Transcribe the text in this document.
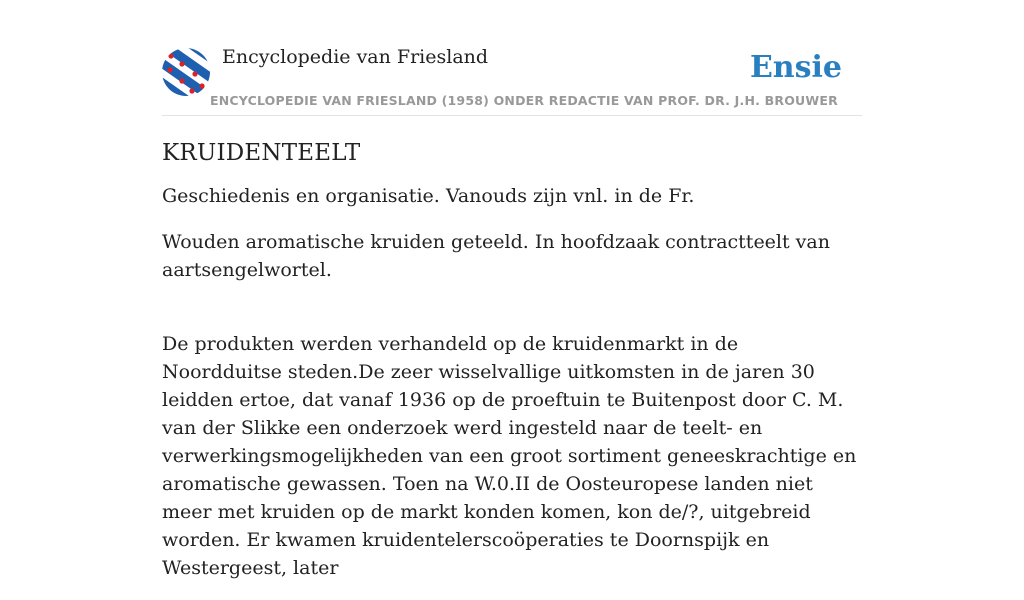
Encyclopedie van Friesland	Ensie
ENCYCLOPEDIE VAN FRIESLAND (1958) ONDER REDACTIE VAN PROF. DR. J.H. BROUWER
KRUIDENTEELT

Geschiedenis en organisatie. Vanouds zijn vnl. in de Fr.

Wouden aromatische kruiden geteeld. In hoofdzaak contractteelt van aartsengelwortel.

De produkten werden verhandeld op de kruidenmarkt in de Noordduitse steden.De zeer wisselvallige uitkomsten in de jaren 30 leidden ertoe, dat vanaf 1936 op de proeftuin te Buitenpost door C. M. van der Slikke een onderzoek werd ingesteld naar de teelt- en verwerkingsmogelijkheden van een groot sortiment geneeskrachtige en aromatische gewassen. Toen na W.0.II de Oosteuropese landen niet meer met kruiden op de markt konden komen, kon de/?, uitgebreid worden. Er kwamen kruidentelerscoöperaties te Doornspijk en Westergeest, later
